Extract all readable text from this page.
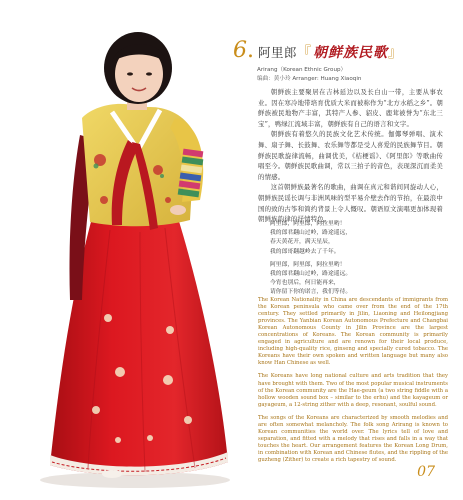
6 . 阿里郎 『 朝鲜族民歌 』
Arirang（Korean Ethnic Group）
编曲：黄小玲 Arranger: Huang Xiaoqin

朝鲜族主要聚居在吉林延边以及长白山一带，主要从事农业。因在寒冷地带培育优质大米而被称作为“北方水稻之乡”。朝鲜族被民地物产丰富，其特产人参、貂皮、鹿茸被誉为“东北三宝”，鸭绿江流域丰富，朝鲜族有自己的语言和文字。

朝鲜族有着悠久的民族文化艺术传统。伽倻琴弹唱、演术舞、扇子舞、长鼓舞、农乐舞等都是受人喜爱的民族舞节目。朝鲜族民歌旋律流畅，曲调优美，《桔梗谣》、《阿里郎》等歌曲传唱至今。朝鲜族民歌曲调，常以三拍子的音色，表现深沉而柔美的情感。

这首朝鲜族最著名的歌曲，曲调在真元和谐间同旋动人心，朝鲜族民谣长调与非洲风味的型平易介壁去作的节拍，在最浪中国的致的古筝和简约背景上令人慨叹。朝语原文演唱更加体现着朝鲜族韵律的抒情特色。

阿里郎，阿里郎，阿拉里哟！

我的郎君翻山过岭，路途遥远，

春天黄花开，满天星辰，

我的郎哥翻越岭去了千年。

阿里郎，阿里郎，阿拉里哟！

我的郎君翻山过岭，路途遥远。

今宵也别后，何日能再来，

请你留下你的诺言，我们等待。

The Korean Nationality in China are descendants of immigrants from the Korean peninsula who came over from the end of the 17th century. They settled primarily in Jilin, Liaoning and Heilongjiang provinces. The Yanbian Korean Autonomous Prefecture and Changbai Korean Autonomous County in Jilin Province are the largest concentrations of Koreans. The Korean community is primarily engaged in agriculture and are renown for their local produce, including high-quality rice, ginseng and specially cured tobacco. The Koreans have their own spoken and written language but many also know Han Chinese as well.

The Koreans have long national culture and arts tradition that they have brought with them. Two of the most popular musical instruments of the Korean community are the Hae-geum (a two string fiddle with a hollow wooden sound box – similar to the erhu) and the kayageum or gayageum, a 12-string zither with a deep, resonant, soulful sound.

The songs of the Koreans are characterized by smooth melodies and are often somewhat melancholy. The folk song Arirang is known to Korean communities the world over. The lyrics tell of love and separation, and fitted with a melody that rises and falls in a way that touches the heart. Our arrangement features the Korean Long Drum, in combination with Korean and Chinese flutes, and the rippling of the guzheng (Zither) to create a rich tapestry of sound.

07
